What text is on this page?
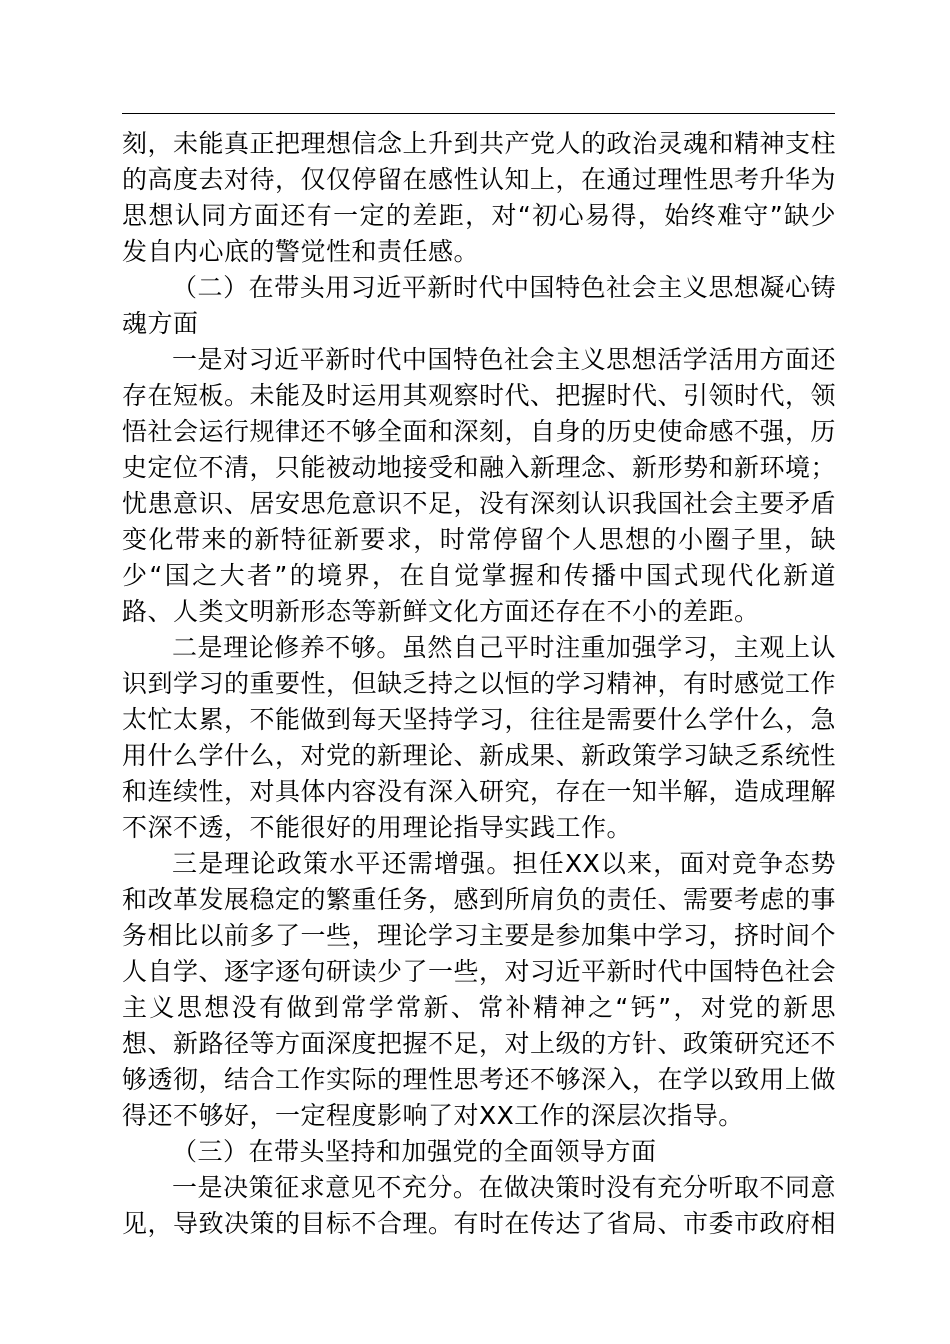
刻，未能真正把理想信念上升到共产党人的政治灵魂和精神支柱的高度去对待，仅仅停留在感性认知上，在通过理性思考升华为思想认同方面还有一定的差距，对“初心易得，始终难守”缺少发自内心底的警觉性和责任感。

（二）在带头用习近平新时代中国特色社会主义思想凝心铸魂方面

一是对习近平新时代中国特色社会主义思想活学活用方面还存在短板。未能及时运用其观察时代、把握时代、引领时代，领悟社会运行规律还不够全面和深刻，自身的历史使命感不强，历史定位不清，只能被动地接受和融入新理念、新形势和新环境；忧患意识、居安思危意识不足，没有深刻认识我国社会主要矛盾变化带来的新特征新要求，时常停留个人思想的小圈子里，缺少“国之大者”的境界，在自觉掌握和传播中国式现代化新道路、人类文明新形态等新鲜文化方面还存在不小的差距。

二是理论修养不够。虽然自己平时注重加强学习，主观上认识到学习的重要性，但缺乏持之以恒的学习精神，有时感觉工作太忙太累，不能做到每天坚持学习，往往是需要什么学什么，急用什么学什么，对党的新理论、新成果、新政策学习缺乏系统性和连续性，对具体内容没有深入研究，存在一知半解，造成理解不深不透，不能很好的用理论指导实践工作。

三是理论政策水平还需增强。担任XX以来，面对竞争态势和改革发展稳定的繁重任务，感到所肩负的责任、需要考虑的事务相比以前多了一些，理论学习主要是参加集中学习，挤时间个人自学、逐字逐句研读少了一些，对习近平新时代中国特色社会主义思想没有做到常学常新、常补精神之“钙”，对党的新思想、新路径等方面深度把握不足，对上级的方针、政策研究还不够透彻，结合工作实际的理性思考还不够深入，在学以致用上做得还不够好，一定程度影响了对XX工作的深层次指导。

（三）在带头坚持和加强党的全面领导方面

一是决策征求意见不充分。在做决策时没有充分听取不同意见，导致决策的目标不合理。有时在传达了省局、市委市政府相
